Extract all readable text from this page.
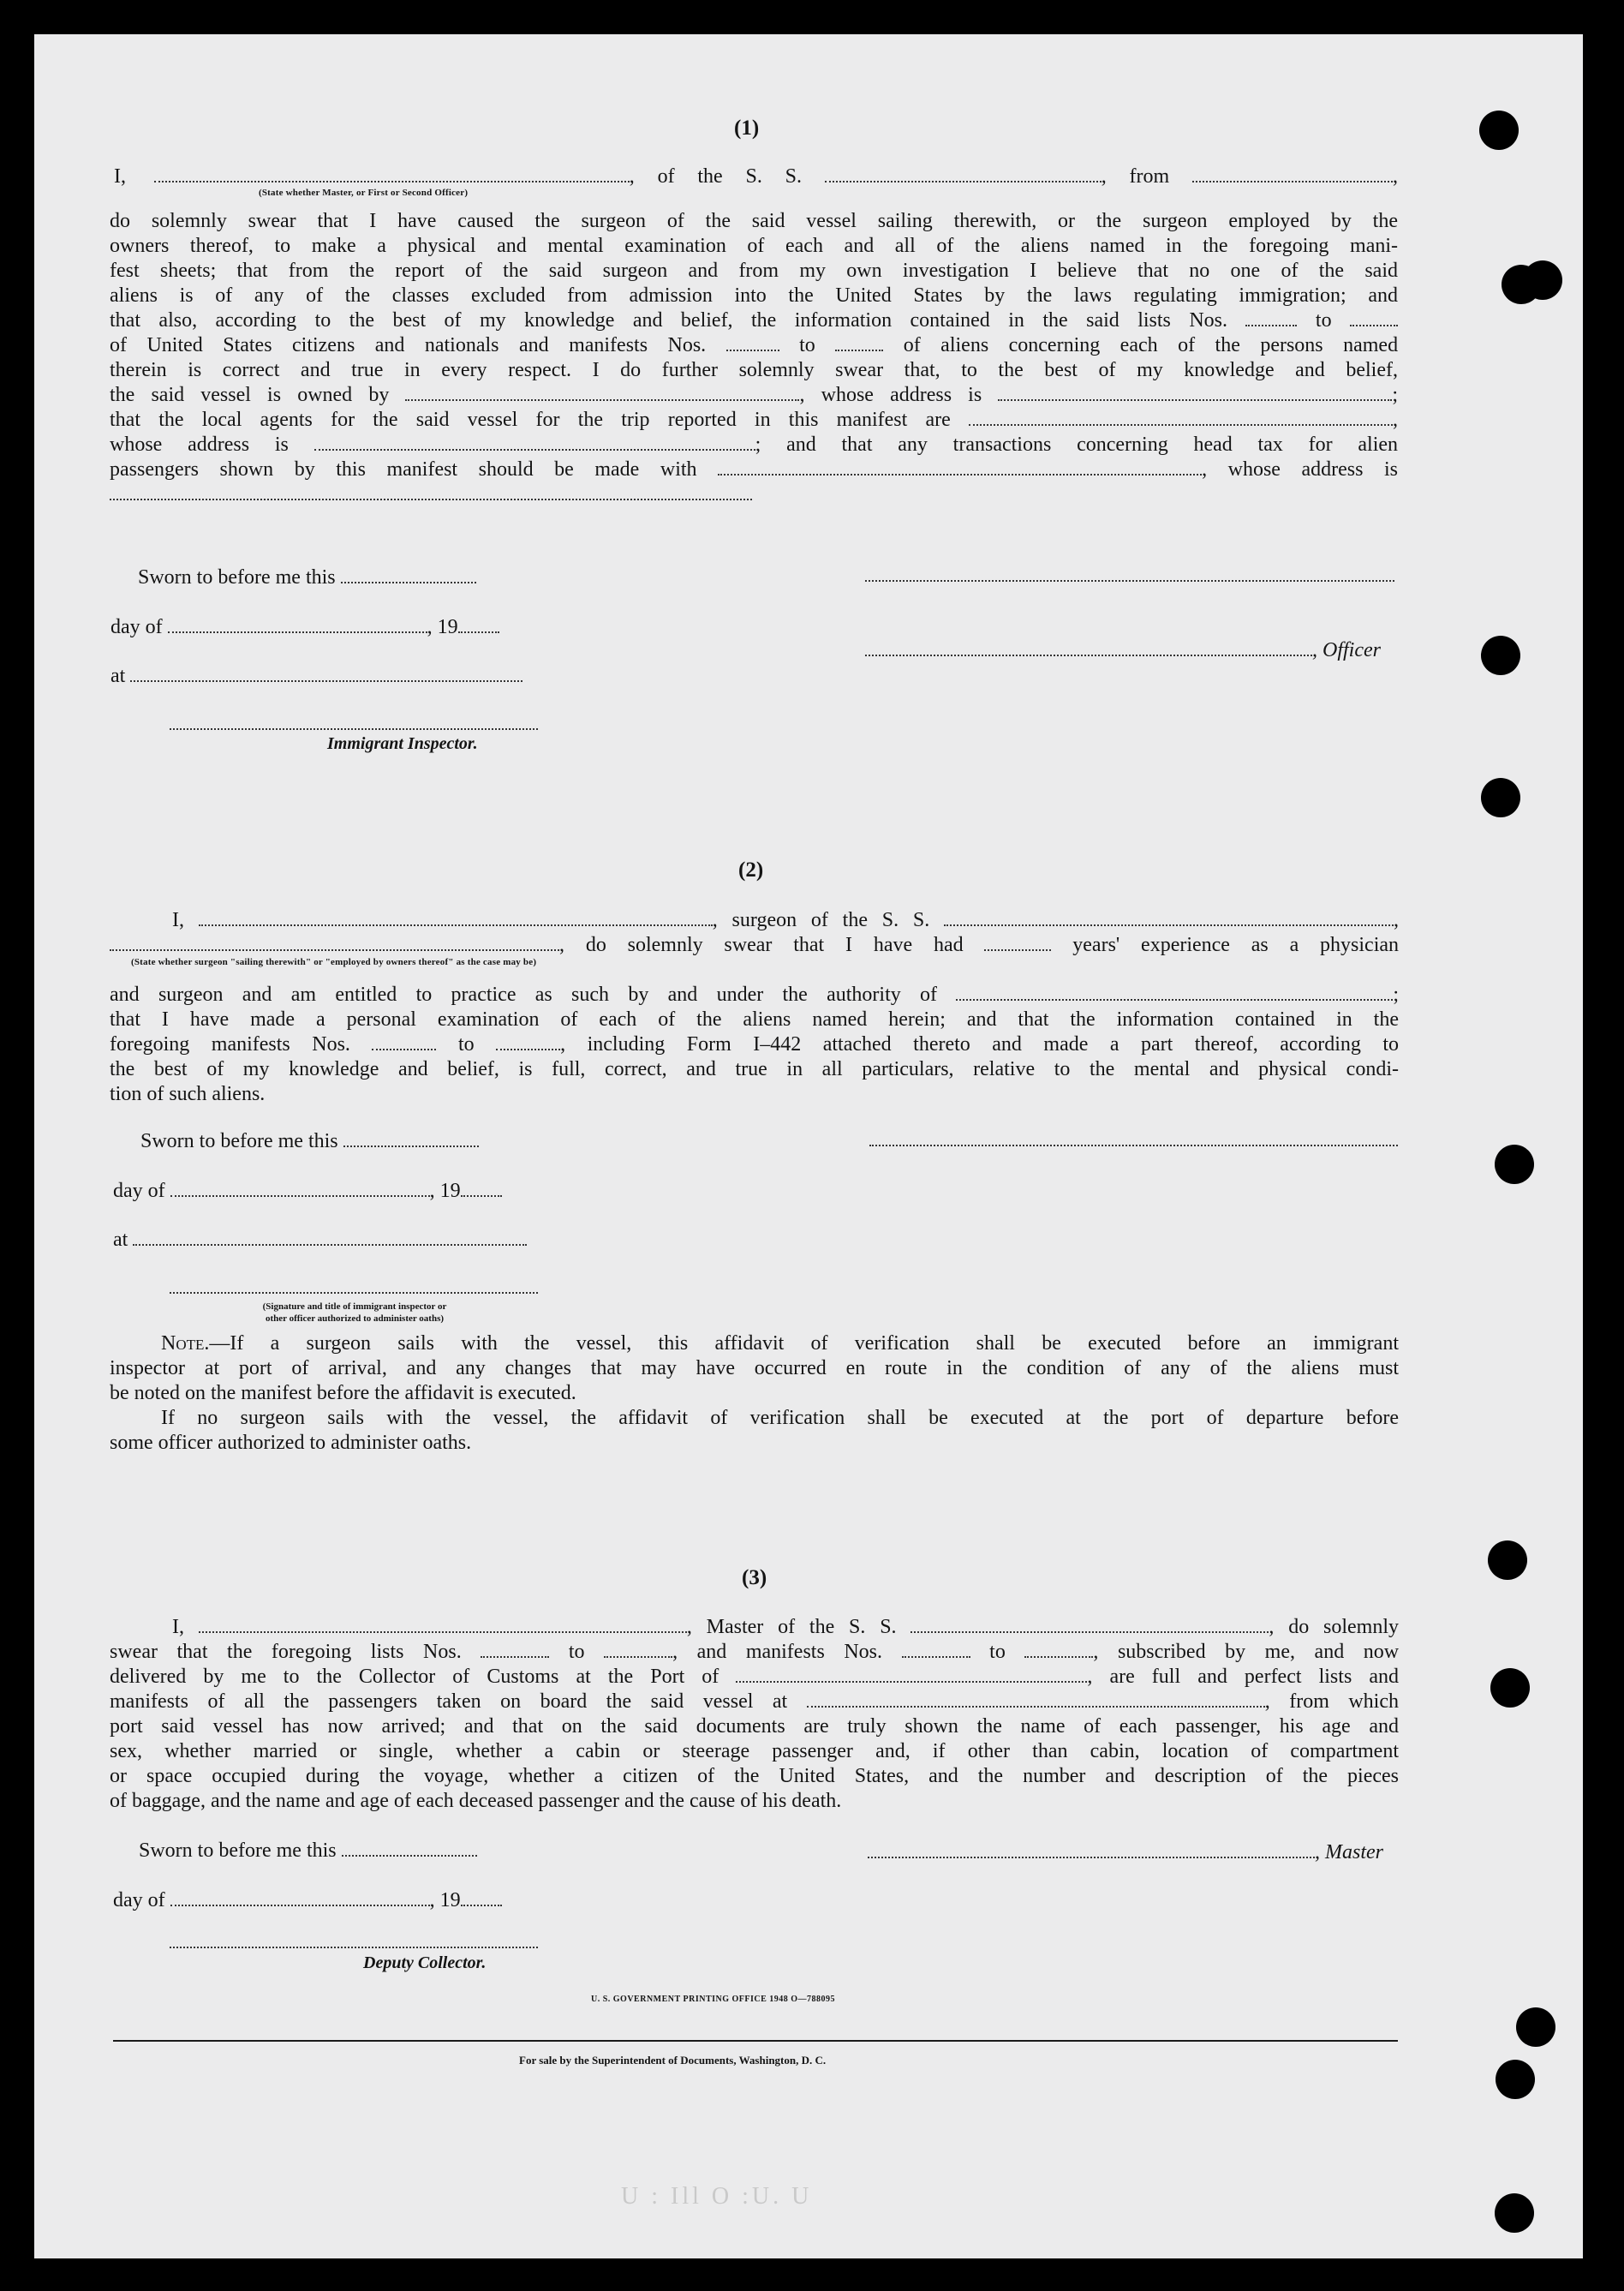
(1)
I,	, of the S. S.	, from	,
(State whether Master, or First or Second Officer)
do solemnly swear that I have caused the surgeon of the said vessel sailing therewith, or the surgeon employed by the
owners thereof, to make a physical and mental examination of each and all of the aliens named in the foregoing mani-
fest sheets; that from the report of the said surgeon and from my own investigation I believe that no one of the said
aliens is of any of the classes excluded from admission into the United States by the laws regulating immigration; and
that also, according to the best of my knowledge and belief, the information contained in the said lists Nos.	to
of United States citizens and nationals and manifests Nos.	to	of aliens concerning each of the persons named
therein is correct and true in every respect. I do further solemnly swear that, to the best of my knowledge and belief,
the said vessel is owned by	, whose address is	;
that the local agents for the said vessel for the trip reported in this manifest are	,
whose address is	; and that any transactions concerning head tax for alien
passengers shown by this manifest should be made with	, whose address is
Sworn to before me this
day of	, 19
, Officer
at
Immigrant Inspector.
(2)
I,	, surgeon of the S. S.	,
, do solemnly swear that I have had	years' experience as a physician
(State whether surgeon "sailing therewith" or "employed by owners thereof" as the case may be)
and surgeon and am entitled to practice as such by and under the authority of	;
that I have made a personal examination of each of the aliens named herein; and that the information contained in the
foregoing manifests Nos.	to	, including Form I–442 attached thereto and made a part thereof, according to
the best of my knowledge and belief, is full, correct, and true in all particulars, relative to the mental and physical condi-
tion of such aliens.
Sworn to before me this
day of	, 19
at
(Signature and title of immigrant inspector or
other officer authorized to administer oaths)
Note.—If a surgeon sails with the vessel, this affidavit of verification shall be executed before an immigrant
inspector at port of arrival, and any changes that may have occurred en route in the condition of any of the aliens must
be noted on the manifest before the affidavit is executed.
If no surgeon sails with the vessel, the affidavit of verification shall be executed at the port of departure before
some officer authorized to administer oaths.
(3)
I,	, Master of the S. S.	, do solemnly
swear that the foregoing lists Nos.	to	, and manifests Nos.	to	, subscribed by me, and now
delivered by me to the Collector of Customs at the Port of	, are full and perfect lists and
manifests of all the passengers taken on board the said vessel at	, from which
port said vessel has now arrived; and that on the said documents are truly shown the name of each passenger, his age and
sex, whether married or single, whether a cabin or steerage passenger and, if other than cabin, location of compartment
or space occupied during the voyage, whether a citizen of the United States, and the number and description of the pieces
of baggage, and the name and age of each deceased passenger and the cause of his death.
Sworn to before me this	, Master
day of	, 19
Deputy Collector.
U. S. GOVERNMENT PRINTING OFFICE 1948 O—788095
For sale by the Superintendent of Documents, Washington, D. C.
U : Ill O :U. U
